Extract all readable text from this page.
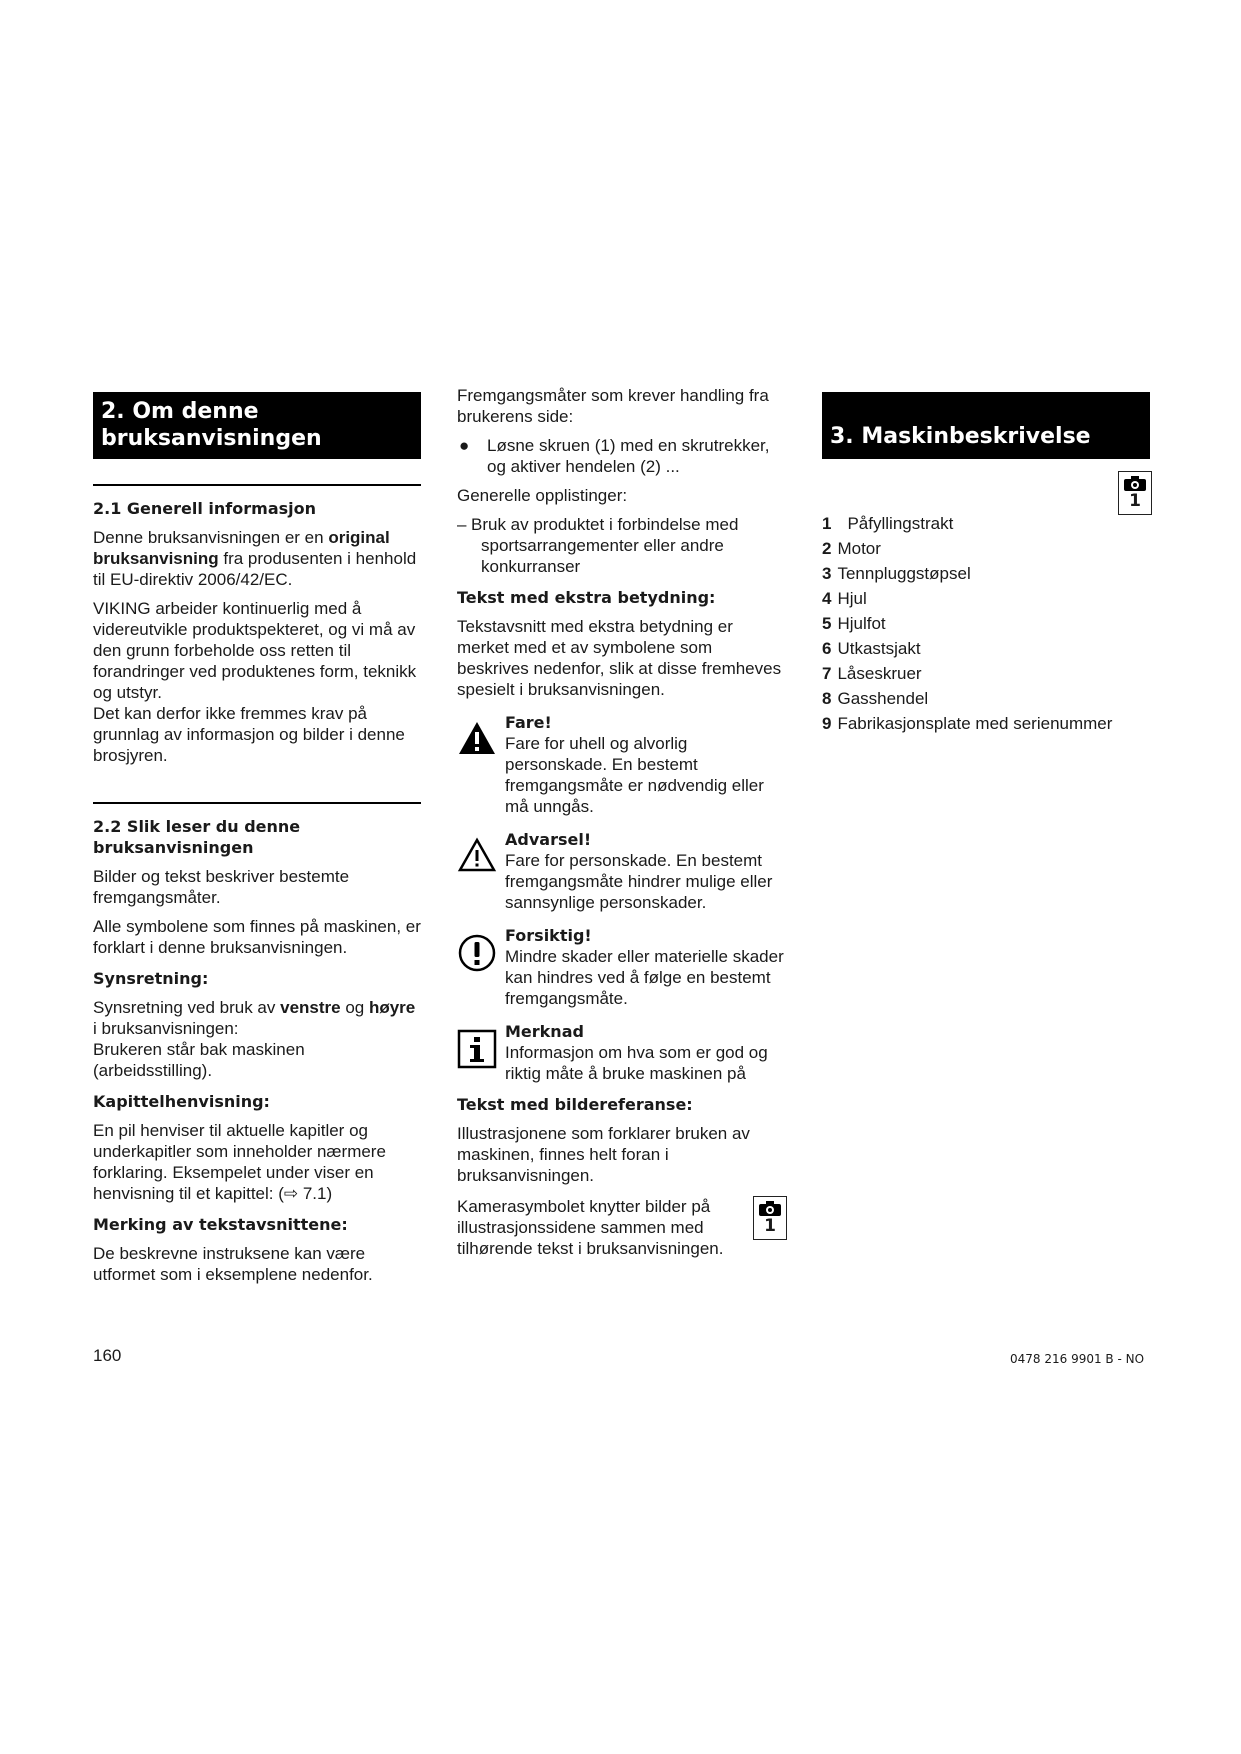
2. Om denne bruksanvisningen
2.1 Generell informasjon

Denne bruksanvisningen er en original bruksanvisning fra produsenten i henhold til EU-direktiv 2006/42/EC.

VIKING arbeider kontinuerlig med å videreutvikle produktspekteret, og vi må av den grunn forbeholde oss retten til forandringer ved produktenes form, teknikk og utstyr.
Det kan derfor ikke fremmes krav på grunnlag av informasjon og bilder i denne brosjyren.

2.2 Slik leser du denne bruksanvisningen

Bilder og tekst beskriver bestemte fremgangsmåter.

Alle symbolene som finnes på maskinen, er forklart i denne bruksanvisningen.

Synsretning:

Synsretning ved bruk av venstre og høyre i bruksanvisningen:
Brukeren står bak maskinen (arbeidsstilling).

Kapittelhenvisning:

En pil henviser til aktuelle kapitler og underkapitler som inneholder nærmere forklaring. Eksempelet under viser en henvisning til et kapittel: (⇨ 7.1)

Merking av tekstavsnittene:

De beskrevne instruksene kan være utformet som i eksemplene nedenfor.

Fremgangsmåter som krever handling fra brukerens side:
●	Løsne skruen (1) med en skrutrekker, og aktiver hendelen (2) ...

Generelle opplistinger:

– Bruk av produktet i forbindelse med sportsarrangementer eller andre konkurranser
Tekst med ekstra betydning:

Tekstavsnitt med ekstra betydning er merket med et av symbolene som beskrives nedenfor, slik at disse fremheves spesielt i bruksanvisningen.

Fare!
Fare for uhell og alvorlig personskade. En bestemt fremgangsmåte er nødvendig eller må unngås.
Advarsel!
Fare for personskade. En bestemt fremgangsmåte hindrer mulige eller sannsynlige personskader.
Forsiktig!
Mindre skader eller materielle skader kan hindres ved å følge en bestemt fremgangsmåte.
Merknad
Informasjon om hva som er god og riktig måte å bruke maskinen på
Tekst med bildereferanse:

Illustrasjonene som forklarer bruken av maskinen, finnes helt foran i bruksanvisningen.

Kamerasymbolet knytter bilder på illustrasjonssidene sammen med tilhørende tekst i bruksanvisningen.
1
3. Maskinbeskrivelse
1
1 Påfyllingstrakt
2 Motor
3 Tennpluggstøpsel
4 Hjul
5 Hjulfot
6 Utkastsjakt
7 Låseskruer
8 Gasshendel
9 Fabrikasjonsplate med serienummer
160	0478 216 9901 B - NO
